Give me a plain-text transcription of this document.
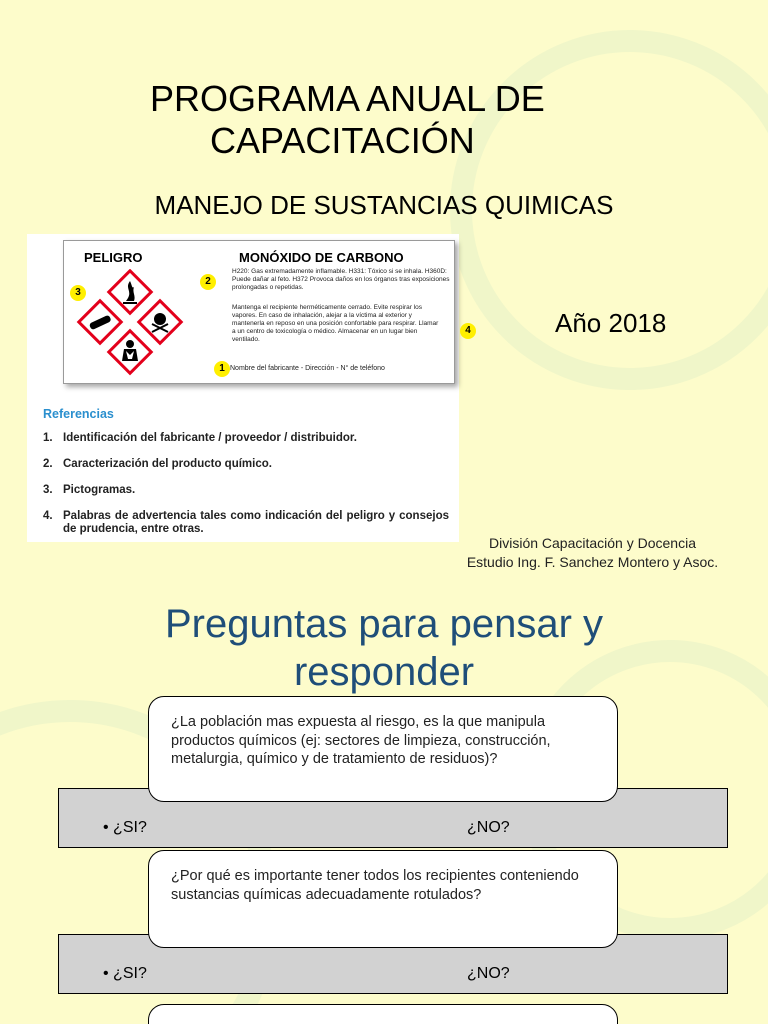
PROGRAMA ANUAL DE
CAPACITACIÓN
MANEJO DE SUSTANCIAS QUIMICAS
PELIGRO	MONÓXIDO DE CARBONO
H220: Gas extremadamente inflamable. H331: Tóxico si se inhala. H360D: Puede dañar al feto. H372 Provoca daños en los órganos tras exposiciones prolongadas o repetidas.
Mantenga el recipiente herméticamente cerrado. Evite respirar los vapores. En caso de inhalación, alejar a la víctima al exterior y mantenerla en reposo en una posición confortable para respirar. Llamar a un centro de toxicología o médico. Almacenar en un lugar bien ventilado.
Nombre del fabricante - Dirección - N° de teléfono
2
3
4
1
Referencias
1. Identificación del fabricante / proveedor / distribuidor.
2. Caracterización del producto químico.
3. Pictogramas.
4. Palabras de advertencia tales como indicación del peligro y consejos de prudencia, entre otras.
Año 2018
División Capacitación y Docencia
Estudio Ing. F. Sanchez Montero y Asoc.
Preguntas para pensar y
responder
• ¿SI?	¿NO?
¿La población mas expuesta al riesgo, es la que manipula productos químicos (ej: sectores de limpieza, construcción, metalurgia, químico y de tratamiento de residuos)?
• ¿SI?	¿NO?
¿Por qué es importante tener todos los recipientes conteniendo sustancias químicas adecuadamente rotulados?
